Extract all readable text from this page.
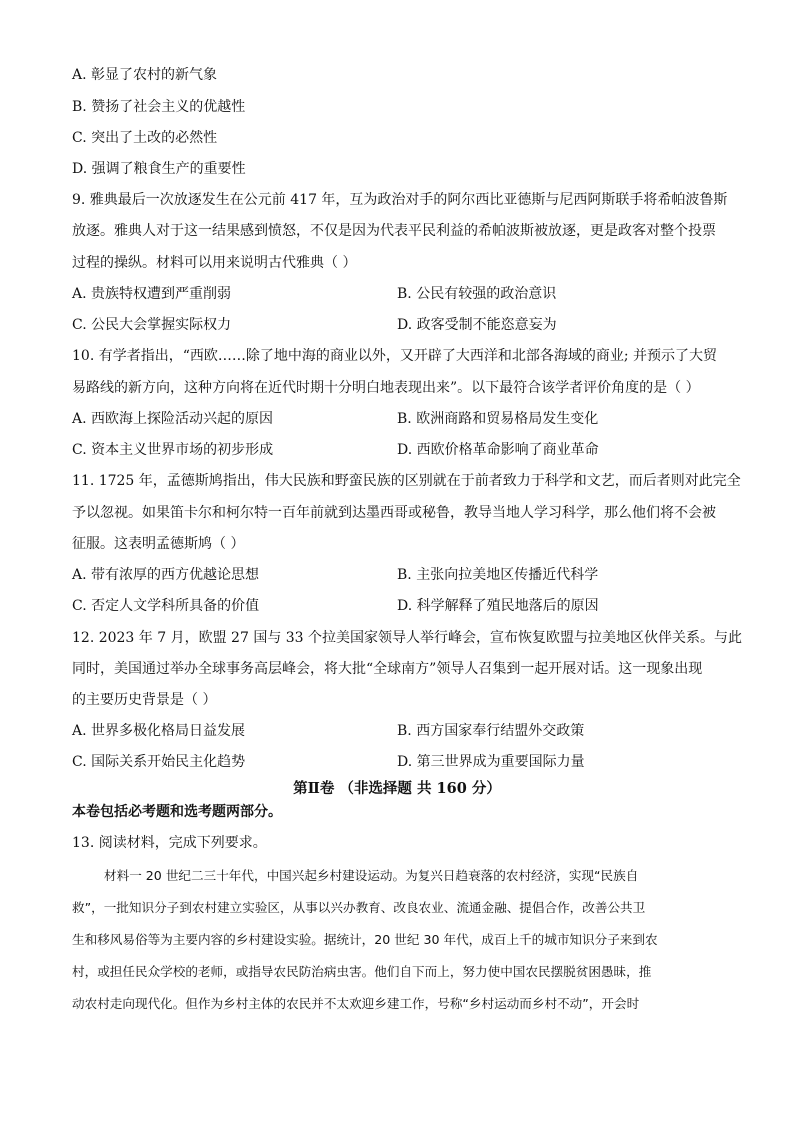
A. 彰显了农村的新气象
B. 赞扬了社会主义的优越性
C. 突出了土改的必然性
D. 强调了粮食生产的重要性
9. 雅典最后一次放逐发生在公元前 417 年，互为政治对手的阿尔西比亚德斯与尼西阿斯联手将希帕波鲁斯
放逐。雅典人对于这一结果感到愤怒，不仅是因为代表平民利益的希帕波斯被放逐，更是政客对整个投票
过程的操纵。材料可以用来说明古代雅典（ ）
A. 贵族特权遭到严重削弱	B. 公民有较强的政治意识
C. 公民大会掌握实际权力	D. 政客受制不能恣意妄为
10. 有学者指出，“西欧……除了地中海的商业以外，又开辟了大西洋和北部各海域的商业; 并预示了大贸
易路线的新方向，这种方向将在近代时期十分明白地表现出来”。以下最符合该学者评价角度的是（ ）
A. 西欧海上探险活动兴起的原因	B. 欧洲商路和贸易格局发生变化
C. 资本主义世界市场的初步形成	D. 西欧价格革命影响了商业革命
11. 1725 年，孟德斯鸠指出，伟大民族和野蛮民族的区别就在于前者致力于科学和文艺，而后者则对此完全
予以忽视。如果笛卡尔和柯尔特一百年前就到达墨西哥或秘鲁，教导当地人学习科学，那么他们将不会被
征服。这表明孟德斯鸠（ ）
A. 带有浓厚的西方优越论思想	B. 主张向拉美地区传播近代科学
C. 否定人文学科所具备的价值	D. 科学解释了殖民地落后的原因
12. 2023 年 7 月，欧盟 27 国与 33 个拉美国家领导人举行峰会，宣布恢复欧盟与拉美地区伙伴关系。与此
同时，美国通过举办全球事务高层峰会，将大批“全球南方”领导人召集到一起开展对话。这一现象出现
的主要历史背景是（ ）
A. 世界多极化格局日益发展	B. 西方国家奉行结盟外交政策
C. 国际关系开始民主化趋势	D. 第三世界成为重要国际力量
第Ⅱ卷 （非选择题 共 160 分）
本卷包括必考题和选考题两部分。
13. 阅读材料，完成下列要求。
材料一 20 世纪二三十年代，中国兴起乡村建设运动。为复兴日趋衰落的农村经济，实现“民族自
救”，一批知识分子到农村建立实验区，从事以兴办教育、改良农业、流通金融、提倡合作，改善公共卫
生和移风易俗等为主要内容的乡村建设实验。据统计，20 世纪 30 年代，成百上千的城市知识分子来到农
村，或担任民众学校的老师，或指导农民防治病虫害。他们自下而上，努力使中国农民摆脱贫困愚昧，推
动农村走向现代化。但作为乡村主体的农民并不太欢迎乡建工作，号称“乡村运动而乡村不动”，开会时
